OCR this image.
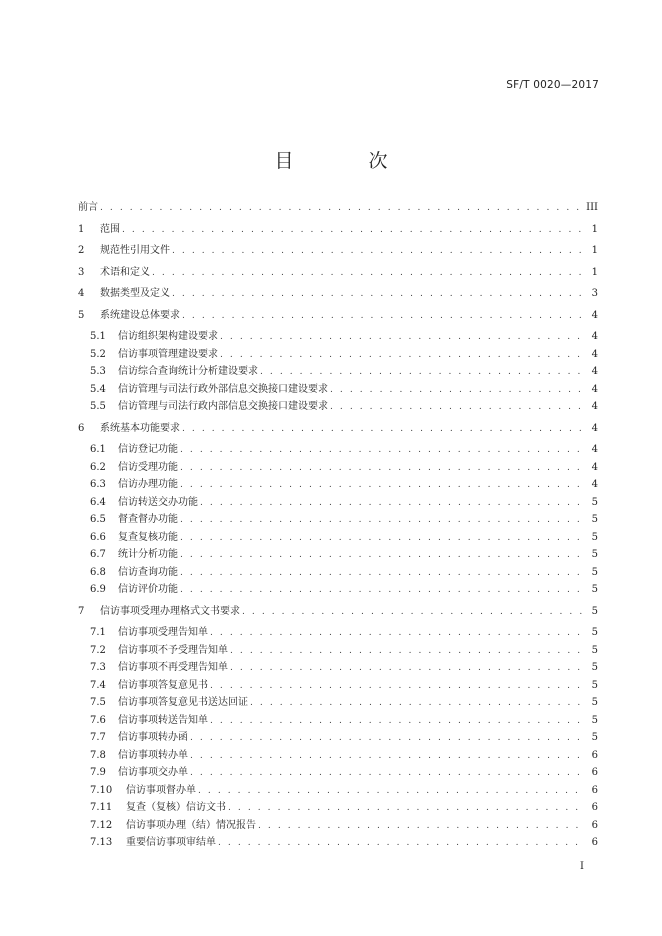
SF/T 0020—2017
目　次
前言 . . .	III
1	范围 . . .	1
2	规范性引用文件 . . .	1
3	术语和定义 . . .	1
4	数据类型及定义 . . .	3
5	系统建设总体要求 . . .	4
5.1	信访组织架构建设要求 . . .	4
5.2	信访事项管理建设要求 . . .	4
5.3	信访综合查询统计分析建设要求 . . .	4
5.4	信访管理与司法行政外部信息交换接口建设要求 . . .	4
5.5	信访管理与司法行政内部信息交换接口建设要求 . . .	4
6	系统基本功能要求 . . .	4
6.1	信访登记功能 . . .	4
6.2	信访受理功能 . . .	4
6.3	信访办理功能 . . .	4
6.4	信访转送交办功能 . . .	5
6.5	督查督办功能 . . .	5
6.6	复查复核功能 . . .	5
6.7	统计分析功能 . . .	5
6.8	信访查询功能 . . .	5
6.9	信访评价功能 . . .	5
7	信访事项受理办理格式文书要求 . . .	5
7.1	信访事项受理告知单 . . .	5
7.2	信访事项不予受理告知单 . . .	5
7.3	信访事项不再受理告知单 . . .	5
7.4	信访事项答复意见书 . . .	5
7.5	信访事项答复意见书送达回证 . . .	5
7.6	信访事项转送告知单 . . .	5
7.7	信访事项转办函 . . .	5
7.8	信访事项转办单 . . .	6
7.9	信访事项交办单 . . .	6
7.10	信访事项督办单 . . .	6
7.11	复查（复核）信访文书 . . .	6
7.12	信访事项办理（结）情况报告 . . .	6
7.13	重要信访事项审结单 . . .	6
I
